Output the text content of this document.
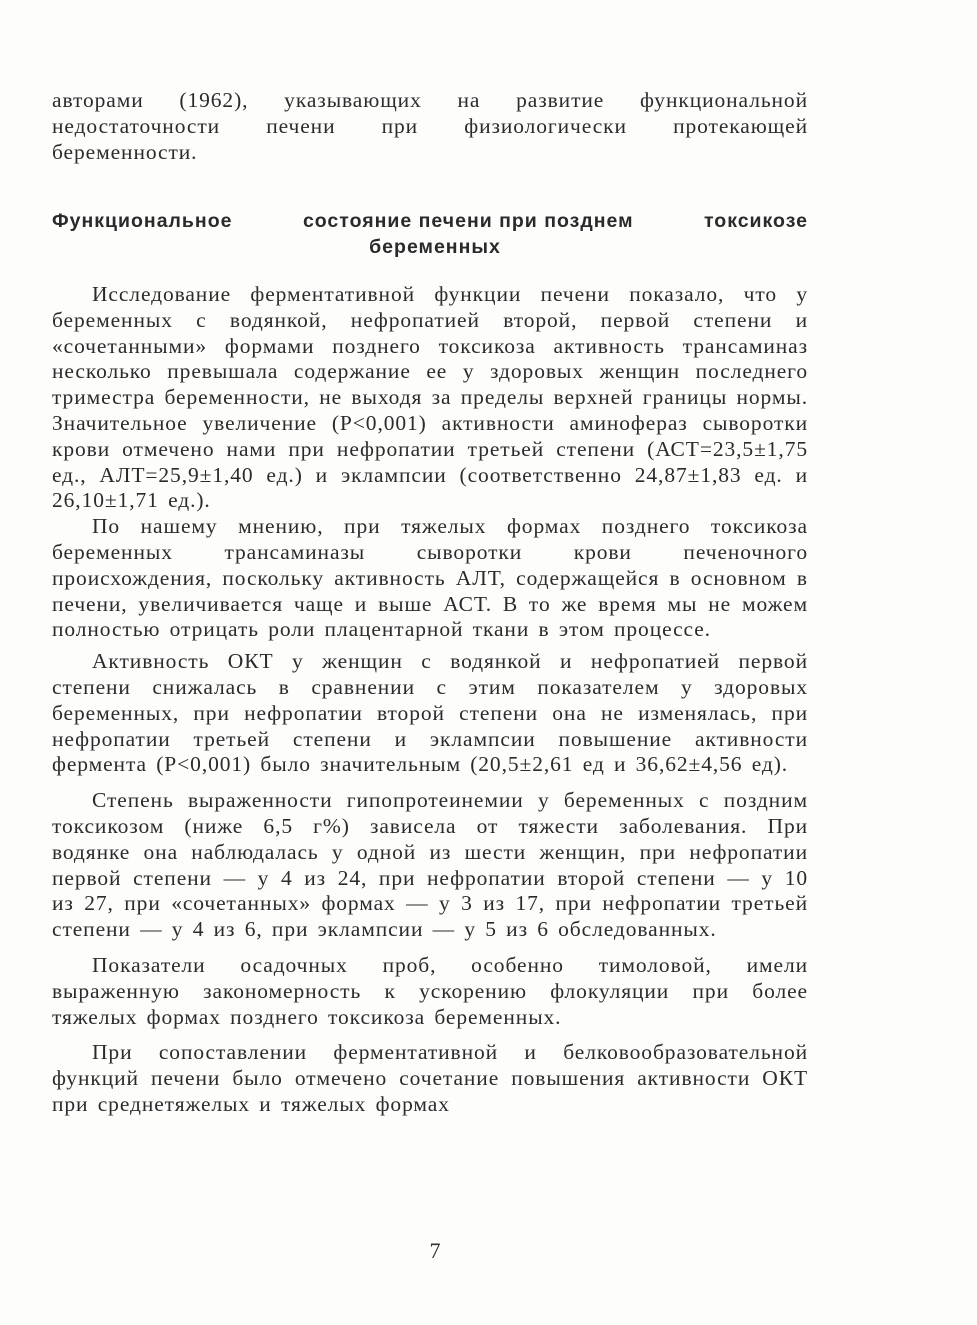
авторами (1962), указывающих на развитие функциональной недостаточности печени при физиологически протекающей беременности.

Функциональное	состояние печени при позднем	токсикозе
беременных

Исследование ферментативной функции печени показало, что у беременных с водянкой, нефропатией второй, первой степени и «сочетанными» формами позднего токсикоза активность трансаминаз несколько превышала содержание ее у здоровых женщин последнего триместра беременности, не выходя за пределы верхней границы нормы. Значительное увеличение (Р<0,001) активности аминофераз сыворотки крови отмечено нами при нефропатии третьей степени (АСТ=23,5±1,75 ед., АЛТ=25,9±1,40 ед.) и эклампсии (соответственно 24,87±1,83 ед. и 26,10±1,71 ед.).

По нашему мнению, при тяжелых формах позднего токсикоза беременных трансаминазы сыворотки крови печеночного происхождения, поскольку активность АЛТ, содержащейся в основном в печени, увеличивается чаще и выше АСТ. В то же время мы не можем полностью отрицать роли плацентарной ткани в этом процессе.

Активность ОКТ у женщин с водянкой и нефропатией первой степени снижалась в сравнении с этим показателем у здоровых беременных, при нефропатии второй степени она не изменялась, при нефропатии третьей степени и эклампсии повышение активности фермента (Р<0,001) было значительным (20,5±2,61 ед и 36,62±4,56 ед).

Степень выраженности гипопротеинемии у беременных с поздним токсикозом (ниже 6,5 г%) зависела от тяжести заболевания. При водянке она наблюдалась у одной из шести женщин, при нефропатии первой степени — у 4 из 24, при нефропатии второй степени — у 10 из 27, при «сочетанных» формах — у 3 из 17, при нефропатии третьей степени — у 4 из 6, при эклампсии — у 5 из 6 обследованных.

Показатели осадочных проб, особенно тимоловой, имели выраженную закономерность к ускорению флокуляции при более тяжелых формах позднего токсикоза беременных.

При сопоставлении ферментативной и белковообразовательной функций печени было отмечено сочетание повышения активности ОКТ при среднетяжелых и тяжелых формах

7
